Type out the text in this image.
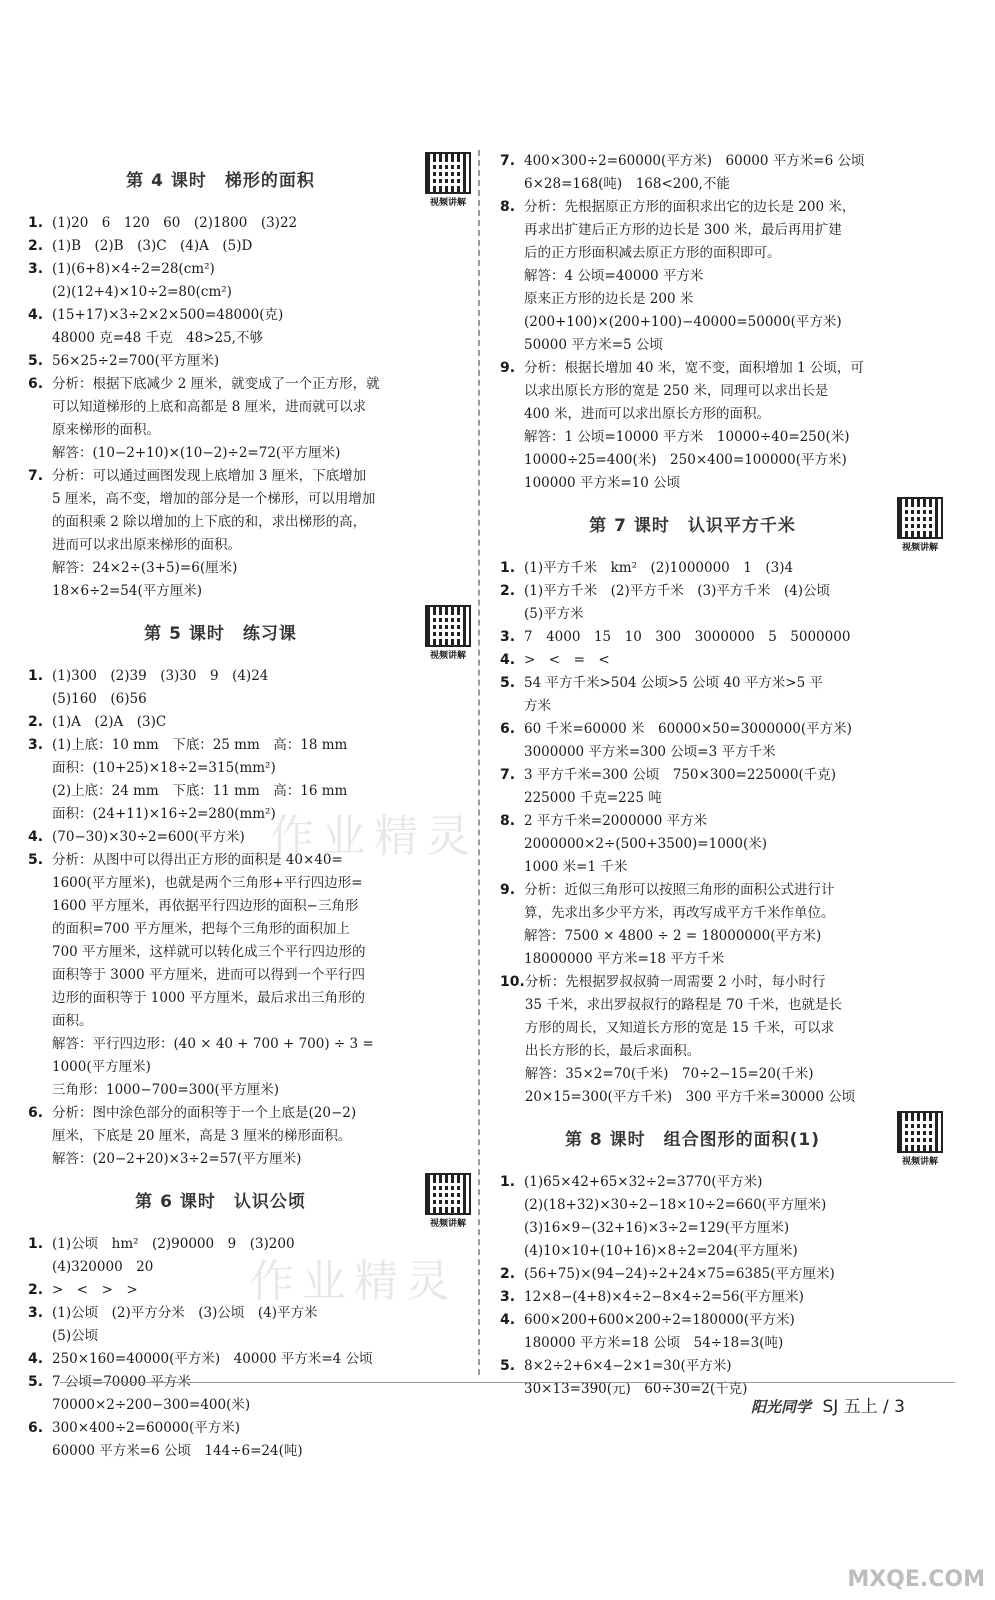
第 4 课时　梯形的面积
视频讲解
1. (1)20　6　120　60　(2)1800　(3)22
2. (1)B　(2)B　(3)C　(4)A　(5)D
3. (1)(6+8)×4÷2=28(cm²)
(2)(12+4)×10÷2=80(cm²)
4. (15+17)×3÷2×2×500=48000(克)
48000 克=48 千克　48>25,不够
5. 56×25÷2=700(平方厘米)
6. 分析：根据下底减少 2 厘米，就变成了一个正方形，就
可以知道梯形的上底和高都是 8 厘米，进而就可以求
原来梯形的面积。
解答：(10−2+10)×(10−2)÷2=72(平方厘米)
7. 分析：可以通过画图发现上底增加 3 厘米，下底增加
5 厘米，高不变，增加的部分是一个梯形，可以用增加
的面积乘 2 除以增加的上下底的和，求出梯形的高，
进而可以求出原来梯形的面积。
解答：24×2÷(3+5)=6(厘米)
18×6÷2=54(平方厘米)
第 5 课时　练习课
视频讲解
1. (1)300　(2)39　(3)30　9　(4)24
(5)160　(6)56
2. (1)A　(2)A　(3)C
3. (1)上底：10 mm　下底：25 mm　高：18 mm
面积：(10+25)×18÷2=315(mm²)
(2)上底：24 mm　下底：11 mm　高：16 mm
面积：(24+11)×16÷2=280(mm²)
4. (70−30)×30÷2=600(平方米)
5. 分析：从图中可以得出正方形的面积是 40×40=
1600(平方厘米)，也就是两个三角形+平行四边形=
1600 平方厘米，再依据平行四边形的面积−三角形
的面积=700 平方厘米，把每个三角形的面积加上
700 平方厘米，这样就可以转化成三个平行四边形的
面积等于 3000 平方厘米，进而可以得到一个平行四
边形的面积等于 1000 平方厘米，最后求出三角形的
面积。
解答：平行四边形：(40 × 40 + 700 + 700) ÷ 3 =
1000(平方厘米)
三角形：1000−700=300(平方厘米)
6. 分析：图中涂色部分的面积等于一个上底是(20−2)
厘米，下底是 20 厘米，高是 3 厘米的梯形面积。
解答：(20−2+20)×3÷2=57(平方厘米)
第 6 课时　认识公顷
视频讲解
1. (1)公顷　hm²　(2)90000　9　(3)200
(4)320000　20
2. >　<　>　>
3. (1)公顷　(2)平方分米　(3)公顷　(4)平方米
(5)公顷
4. 250×160=40000(平方米)　40000 平方米=4 公顷
5. 7 公顷=70000 平方米
70000×2÷200−300=400(米)
6. 300×400÷2=60000(平方米)
60000 平方米=6 公顷　144÷6=24(吨)
7. 400×300÷2=60000(平方米)　60000 平方米=6 公顷
6×28=168(吨)　168<200,不能
8. 分析：先根据原正方形的面积求出它的边长是 200 米，
再求出扩建后正方形的边长是 300 米，最后再用扩建
后的正方形面积减去原正方形的面积即可。
解答：4 公顷=40000 平方米
原来正方形的边长是 200 米
(200+100)×(200+100)−40000=50000(平方米)
50000 平方米=5 公顷
9. 分析：根据长增加 40 米，宽不变，面积增加 1 公顷，可
以求出原长方形的宽是 250 米，同理可以求出长是
400 米，进而可以求出原长方形的面积。
解答：1 公顷=10000 平方米　10000÷40=250(米)
10000÷25=400(米)　250×400=100000(平方米)
100000 平方米=10 公顷
第 7 课时　认识平方千米
视频讲解
1. (1)平方千米　km²　(2)1000000　1　(3)4
2. (1)平方千米　(2)平方千米　(3)平方千米　(4)公顷
(5)平方米
3. 7　4000　15　10　300　3000000　5　5000000
4. >　<　=　<
5. 54 平方千米>504 公顷>5 公顷 40 平方米>5 平
方米
6. 60 千米=60000 米　60000×50=3000000(平方米)
3000000 平方米=300 公顷=3 平方千米
7. 3 平方千米=300 公顷　750×300=225000(千克)
225000 千克=225 吨
8. 2 平方千米=2000000 平方米
2000000×2÷(500+3500)=1000(米)
1000 米=1 千米
9. 分析：近似三角形可以按照三角形的面积公式进行计
算，先求出多少平方米，再改写成平方千米作单位。
解答：7500 × 4800 ÷ 2 = 18000000(平方米)
18000000 平方米=18 平方千米
10. 分析：先根据罗叔叔骑一周需要 2 小时，每小时行
35 千米，求出罗叔叔行的路程是 70 千米，也就是长
方形的周长，又知道长方形的宽是 15 千米，可以求
出长方形的长，最后求面积。
解答：35×2=70(千米)　70÷2−15=20(千米)
20×15=300(平方千米)　300 平方千米=30000 公顷
第 8 课时　组合图形的面积(1)
视频讲解
1. (1)65×42+65×32÷2=3770(平方米)
(2)(18+32)×30÷2−18×10÷2=660(平方厘米)
(3)16×9−(32+16)×3÷2=129(平方厘米)
(4)10×10+(10+16)×8÷2=204(平方厘米)
2. (56+75)×(94−24)÷2+24×75=6385(平方厘米)
3. 12×8−(4+8)×4÷2−8×4÷2=56(平方厘米)
4. 600×200+600×200÷2=180000(平方米)
180000 平方米=18 公顷　54÷18=3(吨)
5. 8×2÷2+6×4−2×1=30(平方米)
30×13=390(元)　60÷30=2(千克)
作业精灵
作业精灵
阳光同学 SJ 五上 / 3
MXQE.COM
